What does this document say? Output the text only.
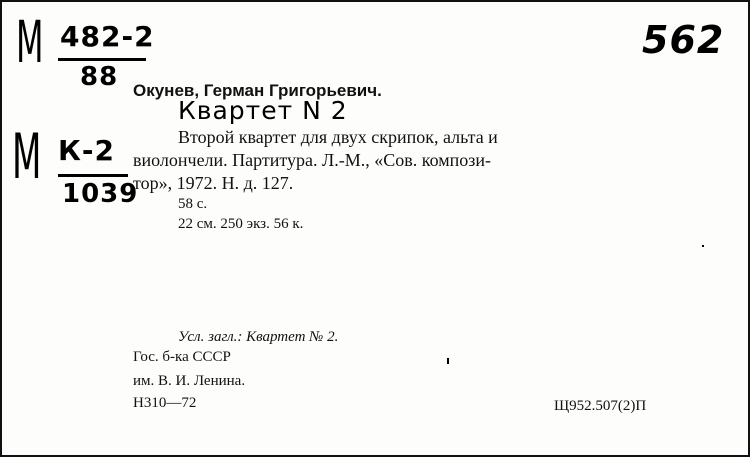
М 482-2
88
М К-2
1039
562
Окунев, Герман Григорьевич.
Квартет N 2
Второй квартет для двух скрипок, альта и
виолончели. Партитура. Л.-М., «Сов. компози-
тор», 1972. Н. д. 127.
58 с.
22 см. 250 экз. 56 к.
Усл. загл.: Квартет № 2.
Гос. б-ка СССР
им. В. И. Ленина.
Н310—72	Щ952.507(2)П
